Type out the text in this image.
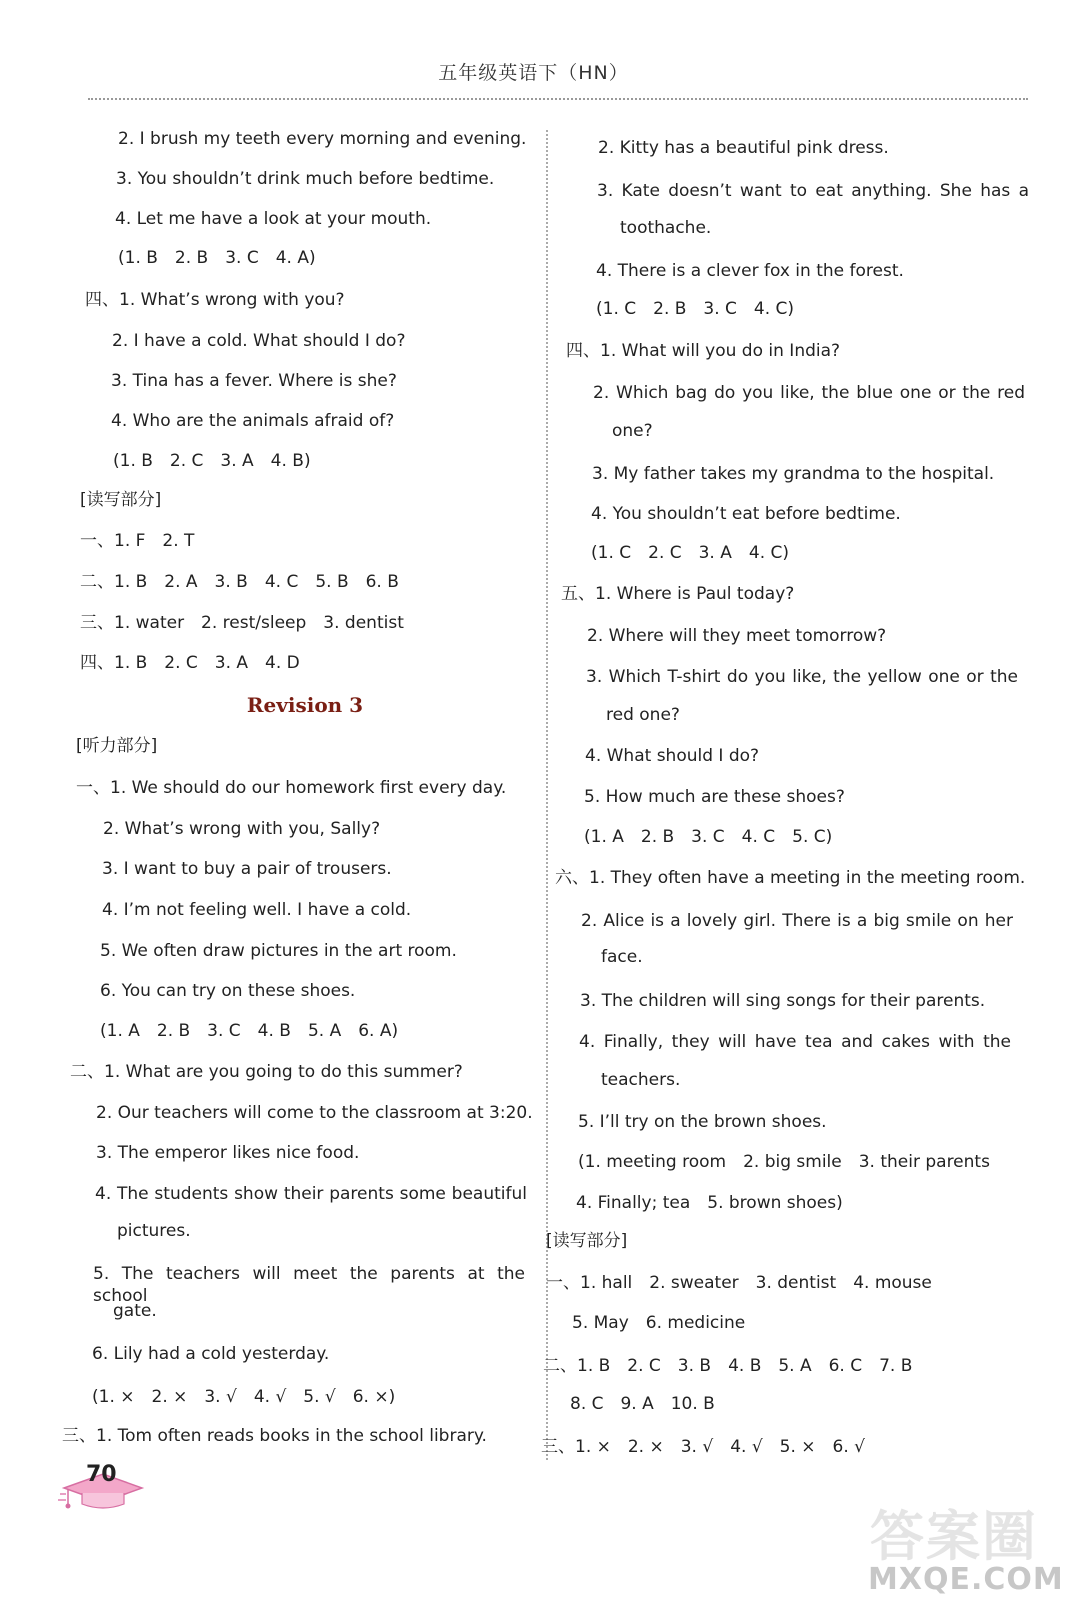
五年级英语下（HN）
2. I brush my teeth every morning and evening.
3. You shouldn’t drink much before bedtime.
4. Let me have a look at your mouth.
(1. B　2. B　3. C　4. A)
四、1. What’s wrong with you?
2. I have a cold. What should I do?
3. Tina has a fever. Where is she?
4. Who are the animals afraid of?
(1. B　2. C　3. A　4. B)
[读写部分]
一、1. F　2. T
二、1. B　2. A　3. B　4. C　5. B　6. B
三、1. water　2. rest/sleep　3. dentist
四、1. B　2. C　3. A　4. D
Revision 3
[听力部分]
一、1. We should do our homework first every day.
2. What’s wrong with you, Sally?
3. I want to buy a pair of trousers.
4. I’m not feeling well. I have a cold.
5. We often draw pictures in the art room.
6. You can try on these shoes.
(1. A　2. B　3. C　4. B　5. A　6. A)
二、1. What are you going to do this summer?
2. Our teachers will come to the classroom at 3:20.
3. The emperor likes nice food.
4. The students show their parents some beautiful
pictures.
5. The teachers will meet the parents at the school
gate.
6. Lily had a cold yesterday.
(1. ×　2. ×　3. √　4. √　5. √　6. ×)
三、1. Tom often reads books in the school library.
2. Kitty has a beautiful pink dress.
3. Kate doesn’t want to eat anything. She has a
toothache.
4. There is a clever fox in the forest.
(1. C　2. B　3. C　4. C)
四、1. What will you do in India?
2. Which bag do you like, the blue one or the red
one?
3. My father takes my grandma to the hospital.
4. You shouldn’t eat before bedtime.
(1. C　2. C　3. A　4. C)
五、1. Where is Paul today?
2. Where will they meet tomorrow?
3. Which T-shirt do you like, the yellow one or the
red one?
4. What should I do?
5. How much are these shoes?
(1. A　2. B　3. C　4. C　5. C)
六、1. They often have a meeting in the meeting room.
2. Alice is a lovely girl. There is a big smile on her
face.
3. The children will sing songs for their parents.
4. Finally, they will have tea and cakes with the
teachers.
5. I’ll try on the brown shoes.
(1. meeting room　2. big smile　3. their parents
4. Finally; tea　5. brown shoes)
[读写部分]
一、1. hall　2. sweater　3. dentist　4. mouse
5. May　6. medicine
二、1. B　2. C　3. B　4. B　5. A　6. C　7. B
8. C　9. A　10. B
三、1. ×　2. ×　3. √　4. √　5. ×　6. √
70
答案圈
MXQE.COM
